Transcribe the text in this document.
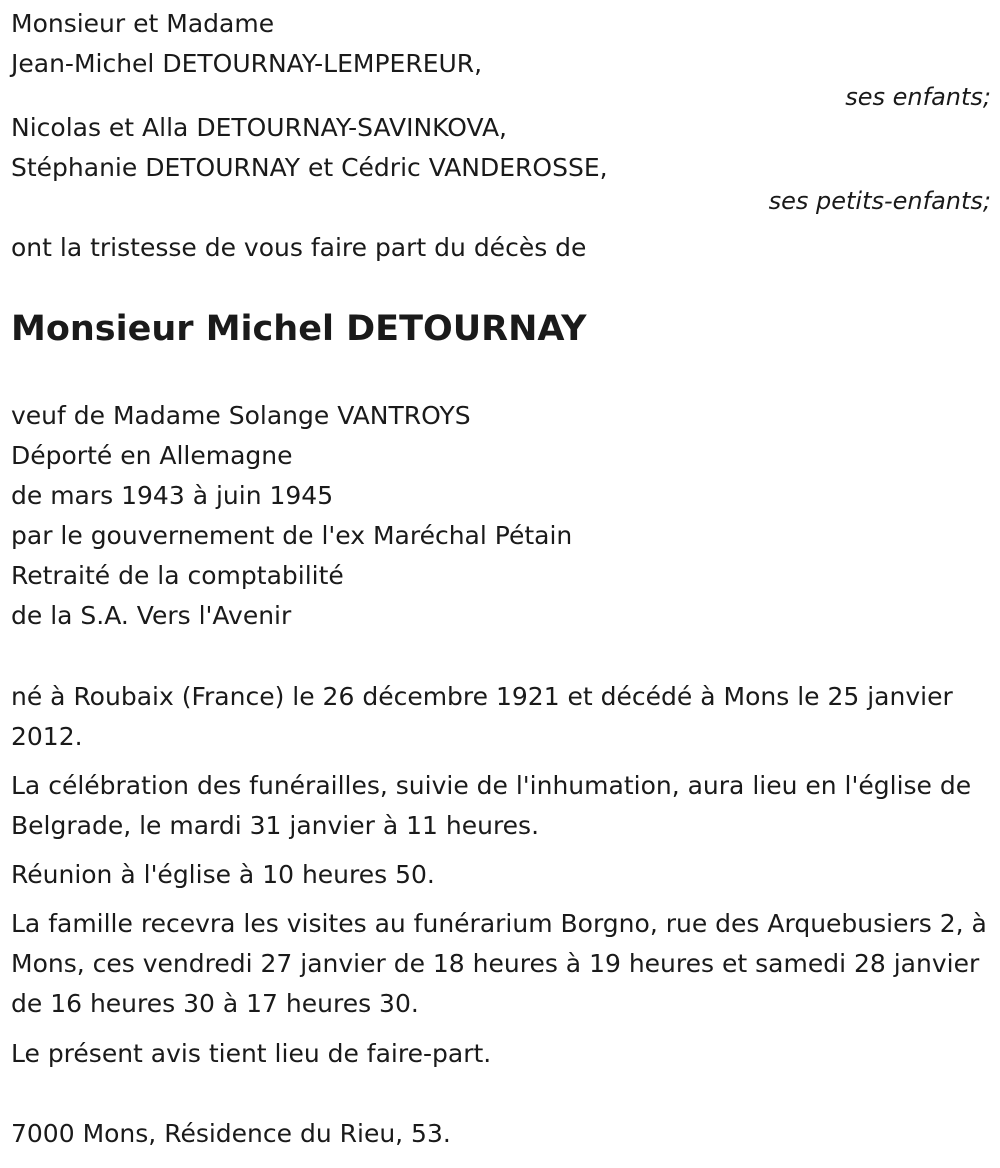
Monsieur et Madame
Jean-Michel DETOURNAY-LEMPEREUR,
ses enfants;
Nicolas et Alla DETOURNAY-SAVINKOVA,
Stéphanie DETOURNAY et Cédric VANDEROSSE,
ses petits-enfants;
ont la tristesse de vous faire part du décès de
Monsieur Michel DETOURNAY
veuf de Madame Solange VANTROYS
Déporté en Allemagne
de mars 1943 à juin 1945
par le gouvernement de l'ex Maréchal Pétain
Retraité de la comptabilité
de la S.A. Vers l'Avenir
né à Roubaix (France) le 26 décembre 1921 et décédé à Mons le 25 janvier 2012.
La célébration des funérailles, suivie de l'inhumation, aura lieu en l'église de Belgrade, le mardi 31 janvier à 11 heures.
Réunion à l'église à 10 heures 50.
La famille recevra les visites au funérarium Borgno, rue des Arquebusiers 2, à Mons, ces vendredi 27 janvier de 18 heures à 19 heures et samedi 28 janvier de 16 heures 30 à 17 heures 30.
Le présent avis tient lieu de faire-part.
7000 Mons, Résidence du Rieu, 53.
